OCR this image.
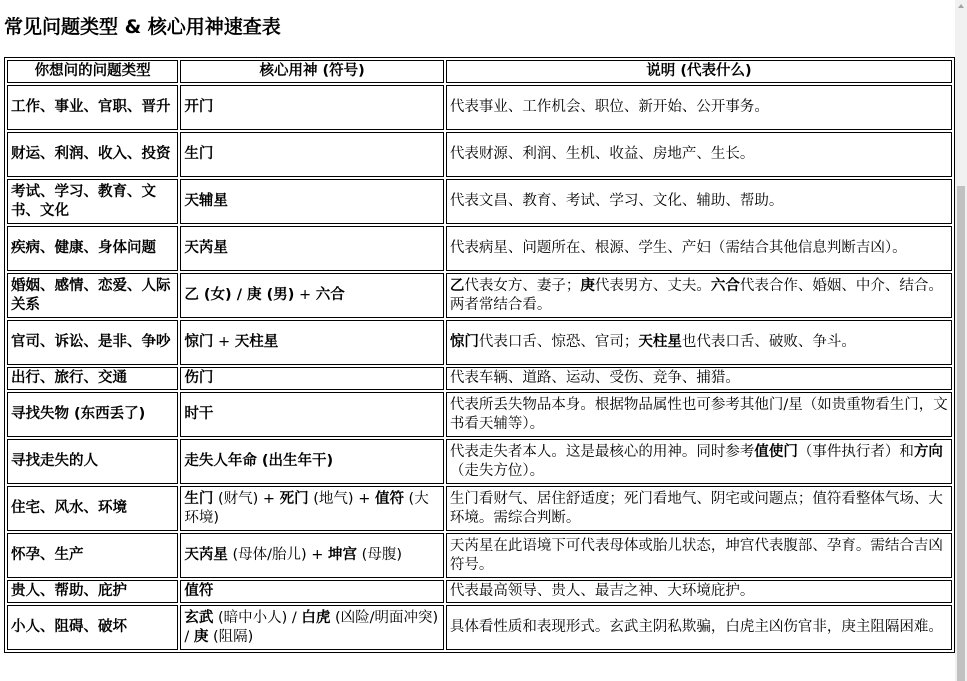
常见问题类型 & 核心用神速查表
你想问的问题类型	核心用神 (符号)	说明 (代表什么)
工作、事业、官职、晋升	开门	代表事业、工作机会、职位、新开始、公开事务。
财运、利润、收入、投资	生门	代表财源、利润、生机、收益、房地产、生长。
考试、学习、教育、文书、文化	天辅星	代表文昌、教育、考试、学习、文化、辅助、帮助。
疾病、健康、身体问题	天芮星	代表病星、问题所在、根源、学生、产妇（需结合其他信息判断吉凶）。
婚姻、感情、恋爱、人际关系	乙 (女) / 庚 (男) + 六合	乙代表女方、妻子；庚代表男方、丈夫。六合代表合作、婚姻、中介、结合。两者常结合看。
官司、诉讼、是非、争吵	惊门 + 天柱星	惊门代表口舌、惊恐、官司；天柱星也代表口舌、破败、争斗。
出行、旅行、交通	伤门	代表车辆、道路、运动、受伤、竞争、捕猎。
寻找失物 (东西丢了)	时干	代表所丢失物品本身。根据物品属性也可参考其他门/星（如贵重物看生门，文书看天辅等）。
寻找走失的人	走失人年命 (出生年干)	代表走失者本人。这是最核心的用神。同时参考值使门（事件执行者）和方向（走失方位）。
住宅、风水、环境	生门 (财气) + 死门 (地气) + 值符 (大环境)	生门看财气、居住舒适度；死门看地气、阴宅或问题点；值符看整体气场、大环境。需综合判断。
怀孕、生产	天芮星 (母体/胎儿) + 坤宫 (母腹)	天芮星在此语境下可代表母体或胎儿状态，坤宫代表腹部、孕育。需结合吉凶符号。
贵人、帮助、庇护	值符	代表最高领导、贵人、最吉之神、大环境庇护。
小人、阻碍、破坏	玄武 (暗中小人) / 白虎 (凶险/明面冲突) / 庚 (阻隔)	具体看性质和表现形式。玄武主阴私欺骗，白虎主凶伤官非，庚主阻隔困难。
